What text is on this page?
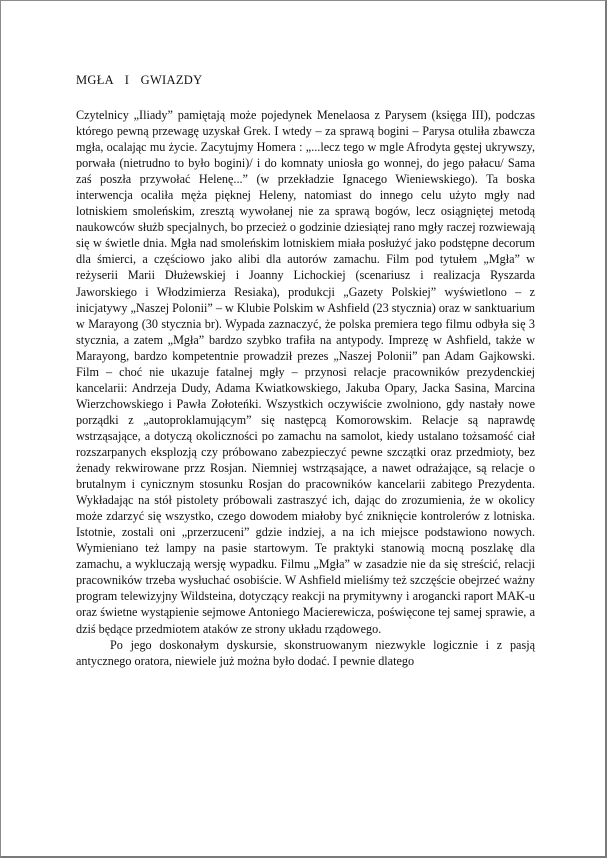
MGŁA I GWIAZDY

Czytelnicy „Iliady” pamiętają może pojedynek Menelaosa z Parysem (księga III), podczas którego pewną przewagę uzyskał Grek. I wtedy – za sprawą bogini – Parysa otuliła zbawcza mgła, ocalając mu życie. Zacytujmy Homera : „...lecz tego w mgle Afrodyta gęstej ukrywszy, porwała (nietrudno to było bogini)/ i do komnaty uniosła go wonnej, do jego pałacu/ Sama zaś poszła przywołać Helenę...” (w przekładzie Ignacego Wieniewskiego). Ta boska interwencja ocaliła męża pięknej Heleny, natomiast do innego celu użyto mgły nad lotniskiem smoleńskim, zresztą wywołanej nie za sprawą bogów, lecz osiągniętej metodą naukowców służb specjalnych, bo przecież o godzinie dziesiątej rano mgły raczej rozwiewają się w świetle dnia. Mgła nad smoleńskim lotniskiem miała posłużyć jako podstępne decorum dla śmierci, a częściowo jako alibi dla autorów zamachu. Film pod tytułem „Mgła” w reżyserii Marii Dłużewskiej i Joanny Lichockiej (scenariusz i realizacja Ryszarda Jaworskiego i Włodzimierza Resiaka), produkcji „Gazety Polskiej” wyświetlono – z inicjatywy „Naszej Polonii” – w Klubie Polskim w Ashfield (23 stycznia) oraz w sanktuarium w Marayong (30 stycznia br). Wypada zaznaczyć, że polska premiera tego filmu odbyła się 3 stycznia, a zatem „Mgła” bardzo szybko trafiła na antypody. Imprezę w Ashfield, także w Marayong, bardzo kompetentnie prowadził prezes „Naszej Polonii” pan Adam Gajkowski. Film – choć nie ukazuje fatalnej mgły – przynosi relacje pracowników prezydenckiej kancelarii: Andrzeja Dudy, Adama Kwiatkowskiego, Jakuba Opary, Jacka Sasina, Marcina Wierzchowskiego i Pawła Zołoteńki. Wszystkich oczywiście zwolniono, gdy nastały nowe porządki z „autoproklamującym” się następcą Komorowskim. Relacje są naprawdę wstrząsające, a dotyczą okoliczności po zamachu na samolot, kiedy ustalano tożsamość ciał rozszarpanych eksplozją czy próbowano zabezpieczyć pewne szczątki oraz przedmioty, bez żenady rekwirowane przz Rosjan. Niemniej wstrząsające, a nawet odrażające, są relacje o brutalnym i cynicznym stosunku Rosjan do pracowników kancelarii zabitego Prezydenta. Wykładając na stół pistolety próbowali zastraszyć ich, dając do zrozumienia, że w okolicy może zdarzyć się wszystko, czego dowodem miałoby być zniknięcie kontrolerów z lotniska. Istotnie, zostali oni „przerzuceni” gdzie indziej, a na ich miejsce podstawiono nowych. Wymieniano też lampy na pasie startowym. Te praktyki stanowią mocną poszlakę dla zamachu, a wykluczają wersję wypadku. Filmu „Mgła” w zasadzie nie da się streścić, relacji pracowników trzeba wysłuchać osobiście. W Ashfield mieliśmy też szczęście obejrzeć ważny program telewizyjny Wildsteina, dotyczący reakcji na prymitywny i arogancki raport MAK-u oraz świetne wystąpienie sejmowe Antoniego Macierewicza, poświęcone tej samej sprawie, a dziś będące przedmiotem ataków ze strony układu rządowego.

Po jego doskonałym dyskursie, skonstruowanym niezwykle logicznie i z pasją antycznego oratora, niewiele już można było dodać. I pewnie dlatego
